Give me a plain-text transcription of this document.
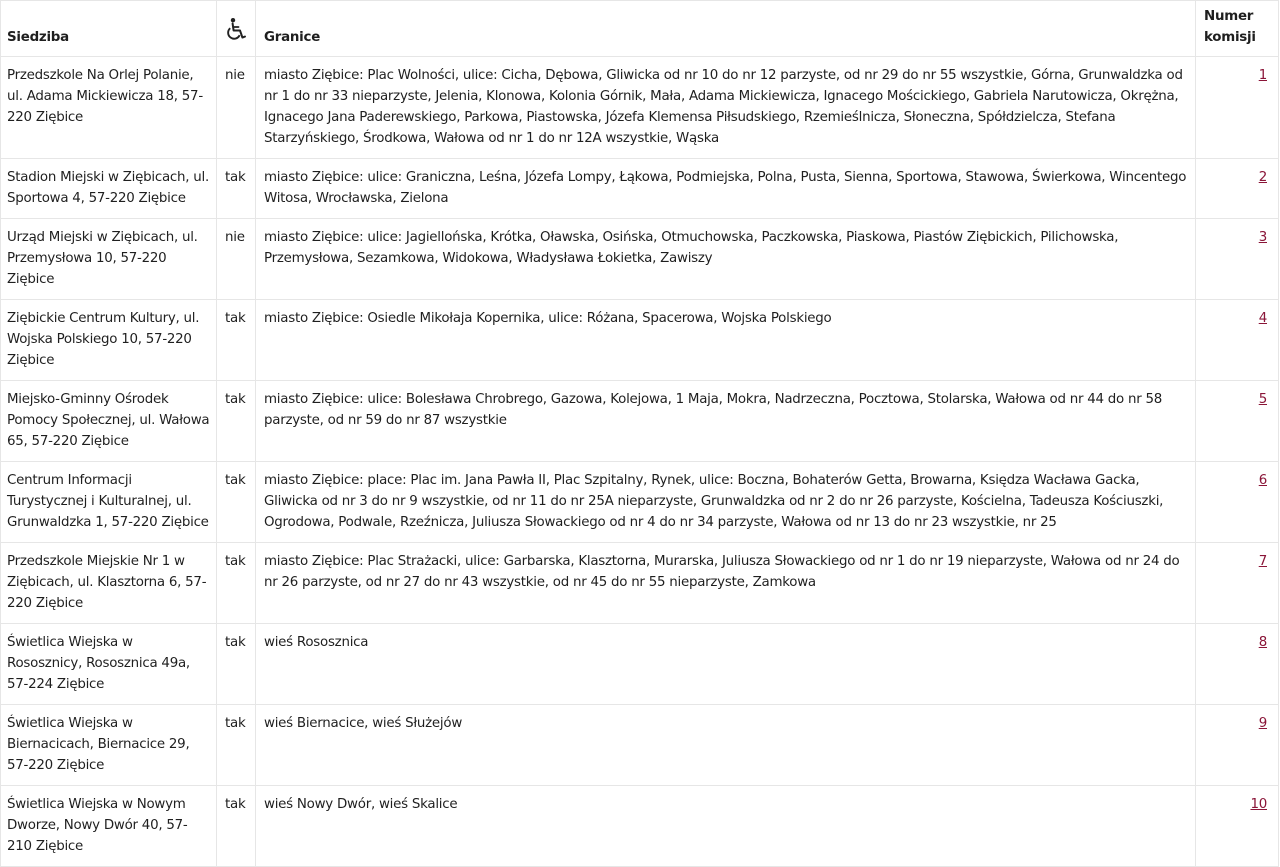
Siedziba		Granice	Numer komisji
Przedszkole Na Orlej Polanie, ul. Adama Mickiewicza 18, 57-220 Ziębice	nie	miasto Ziębice: Plac Wolności, ulice: Cicha, Dębowa, Gliwicka od nr 10 do nr 12 parzyste, od nr 29 do nr 55 wszystkie, Górna, Grunwaldzka od nr 1 do nr 33 nieparzyste, Jelenia, Klonowa, Kolonia Górnik, Mała, Adama Mickiewicza, Ignacego Mościckiego, Gabriela Narutowicza, Okrężna, Ignacego Jana Paderewskiego, Parkowa, Piastowska, Józefa Klemensa Piłsudskiego, Rzemieślnicza, Słoneczna, Spółdzielcza, Stefana Starzyńskiego, Środkowa, Wałowa od nr 1 do nr 12A wszystkie, Wąska	1
Stadion Miejski w Ziębicach, ul. Sportowa 4, 57-220 Ziębice	tak	miasto Ziębice: ulice: Graniczna, Leśna, Józefa Lompy, Łąkowa, Podmiejska, Polna, Pusta, Sienna, Sportowa, Stawowa, Świerkowa, Wincentego Witosa, Wrocławska, Zielona	2
Urząd Miejski w Ziębicach, ul. Przemysłowa 10, 57-220 Ziębice	nie	miasto Ziębice: ulice: Jagiellońska, Krótka, Oławska, Osińska, Otmuchowska, Paczkowska, Piaskowa, Piastów Ziębickich, Pilichowska, Przemysłowa, Sezamkowa, Widokowa, Władysława Łokietka, Zawiszy	3
Ziębickie Centrum Kultury, ul. Wojska Polskiego 10, 57-220 Ziębice	tak	miasto Ziębice: Osiedle Mikołaja Kopernika, ulice: Różana, Spacerowa, Wojska Polskiego	4
Miejsko-Gminny Ośrodek Pomocy Społecznej, ul. Wałowa 65, 57-220 Ziębice	tak	miasto Ziębice: ulice: Bolesława Chrobrego, Gazowa, Kolejowa, 1 Maja, Mokra, Nadrzeczna, Pocztowa, Stolarska, Wałowa od nr 44 do nr 58 parzyste, od nr 59 do nr 87 wszystkie	5
Centrum Informacji Turystycznej i Kulturalnej, ul. Grunwaldzka 1, 57-220 Ziębice	tak	miasto Ziębice: place: Plac im. Jana Pawła II, Plac Szpitalny, Rynek, ulice: Boczna, Bohaterów Getta, Browarna, Księdza Wacława Gacka, Gliwicka od nr 3 do nr 9 wszystkie, od nr 11 do nr 25A nieparzyste, Grunwaldzka od nr 2 do nr 26 parzyste, Kościelna, Tadeusza Kościuszki, Ogrodowa, Podwale, Rzeźnicza, Juliusza Słowackiego od nr 4 do nr 34 parzyste, Wałowa od nr 13 do nr 23 wszystkie, nr 25	6
Przedszkole Miejskie Nr 1 w Ziębicach, ul. Klasztorna 6, 57-220 Ziębice	tak	miasto Ziębice: Plac Strażacki, ulice: Garbarska, Klasztorna, Murarska, Juliusza Słowackiego od nr 1 do nr 19 nieparzyste, Wałowa od nr 24 do nr 26 parzyste, od nr 27 do nr 43 wszystkie, od nr 45 do nr 55 nieparzyste, Zamkowa	7
Świetlica Wiejska w Rososznicy, Rososznica 49a, 57-224 Ziębice	tak	wieś Rososznica	8
Świetlica Wiejska w Biernacicach, Biernacice 29, 57-220 Ziębice	tak	wieś Biernacice, wieś Służejów	9
Świetlica Wiejska w Nowym Dworze, Nowy Dwór 40, 57-210 Ziębice	tak	wieś Nowy Dwór, wieś Skalice	10
